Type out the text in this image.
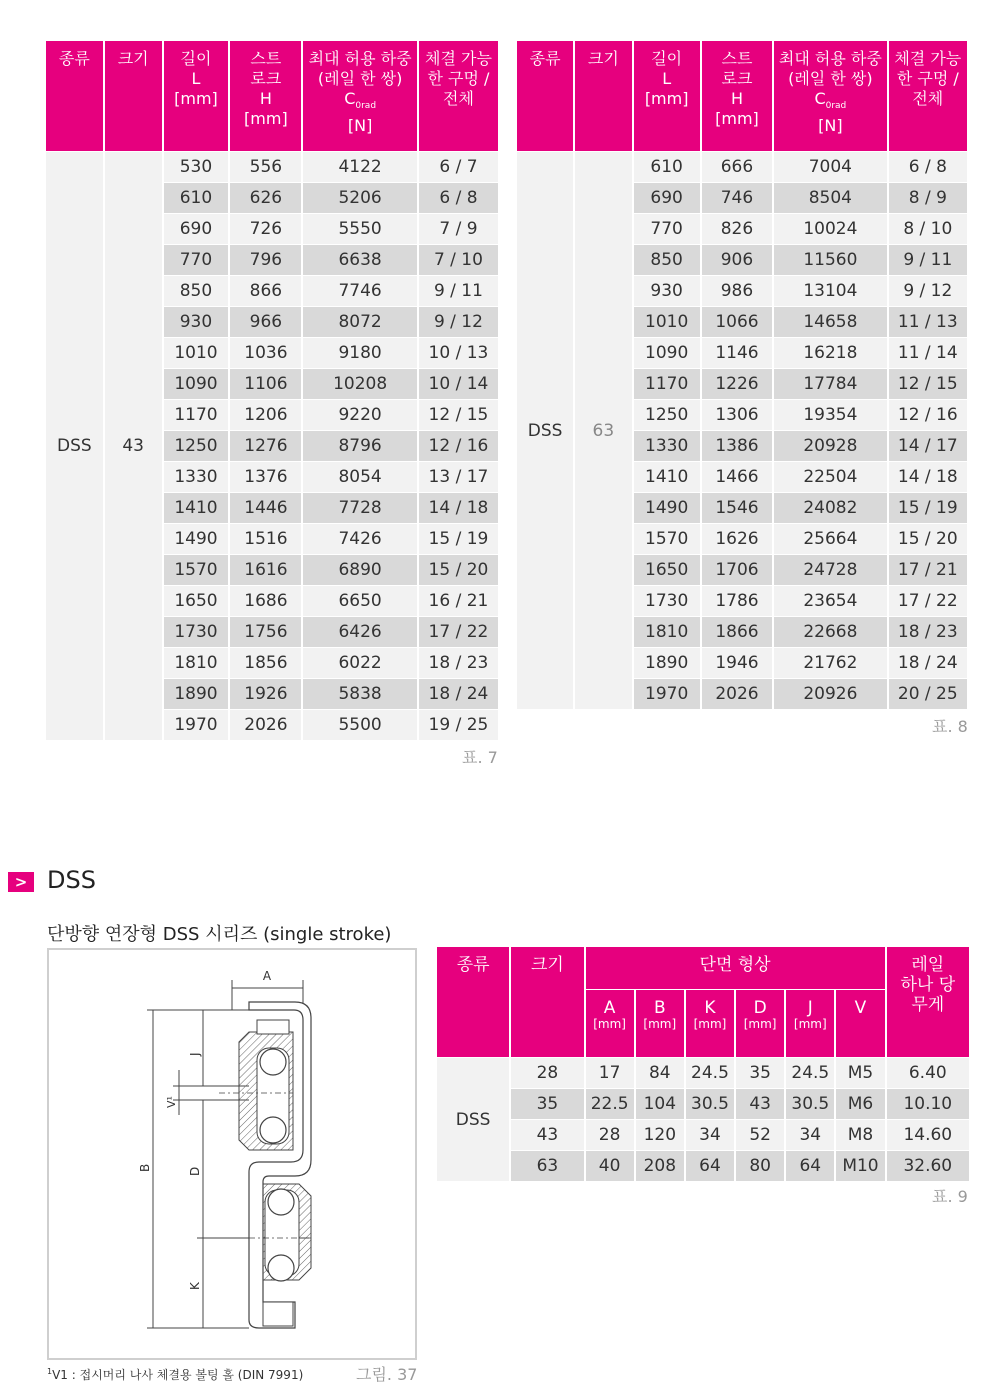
종류	크기	길이
L
[mm]	스트
로크
H
[mm]	최대 허용 하중
(레일 한 쌍)
$C_{0rad}$
[N]	체결 가능
한 구멍 /
전체
DSS	43	530	556	4122	6 / 7
		610	626	5206	6 / 8
		690	726	5550	7 / 9
		770	796	6638	7 / 10
		850	866	7746	9 / 11
		930	966	8072	9 / 12
		1010	1036	9180	10 / 13
		1090	1106	10208	10 / 14
		1170	1206	9220	12 / 15
		1250	1276	8796	12 / 16
		1330	1376	8054	13 / 17
		1410	1446	7728	14 / 18
		1490	1516	7426	15 / 19
		1570	1616	6890	15 / 20
		1650	1686	6650	16 / 21
		1730	1756	6426	17 / 22
		1810	1856	6022	18 / 23
		1890	1926	5838	18 / 24
		1970	2026	5500	19 / 25
표. 7
종류	크기	길이
L
[mm]	스트
로크
H
[mm]	최대 허용 하중
(레일 한 쌍)
$C_{0rad}$
[N]	체결 가능
한 구멍 /
전체
DSS	63	610	666	7004	6 / 8
		690	746	8504	8 / 9
		770	826	10024	8 / 10
		850	906	11560	9 / 11
		930	986	13104	9 / 12
		1010	1066	14658	11 / 13
		1090	1146	16218	11 / 14
		1170	1226	17784	12 / 15
		1250	1306	19354	12 / 16
		1330	1386	20928	14 / 17
		1410	1466	22504	14 / 18
		1490	1546	24082	15 / 19
		1570	1626	25664	15 / 20
		1650	1706	24728	17 / 21
		1730	1786	23654	17 / 22
		1810	1866	22668	18 / 23
		1890	1946	21762	18 / 24
		1970	2026	20926	20 / 25
표. 8
> DSS
단방향 연장형 DSS 시리즈 (single stroke)
A
B
J
V¹
D
K
그림. 37
$^1$V1 : 접시머리 나사 체결용 볼팅 홀 (DIN 7991)
종류	크기	단면 형상						레일
하나 당
무게
		A
[mm]	B
[mm]	K
[mm]	D
[mm]	J
[mm]	V	

DSS	28	17	84	24.5	35	24.5	M5	6.40
	35	22.5	104	30.5	43	30.5	M6	10.10
	43	28	120	34	52	34	M8	14.60
	63	40	208	64	80	64	M10	32.60
표. 9
